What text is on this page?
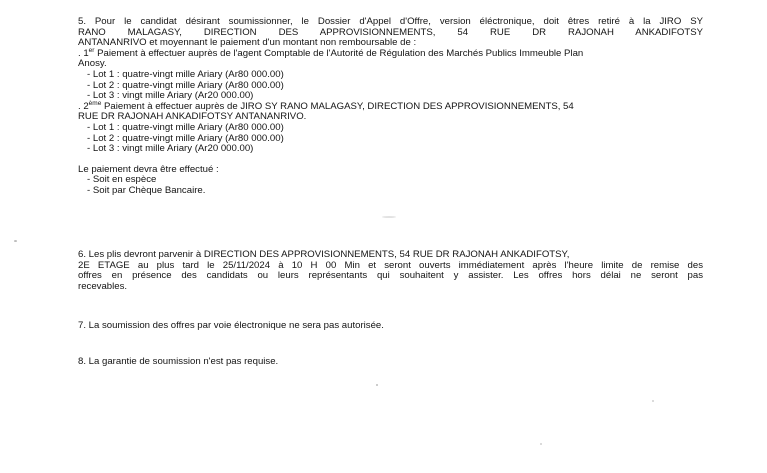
5. Pour le candidat désirant soumissionner, le Dossier d'Appel d'Offre, version éléctronique, doit êtres retiré à la JIRO SY
RANO MALAGASY, DIRECTION DES APPROVISIONNEMENTS, 54 RUE DR RAJONAH ANKADIFOTSY
ANTANANRIVO et moyennant le paiement d'un montant non remboursable de :
. 1er Paiement à effectuer auprès de l'agent Comptable de l'Autorité de Régulation des Marchés Publics Immeuble Plan
Anosy.
- Lot 1 : quatre-vingt mille Ariary (Ar80 000.00)
- Lot 2 : quatre-vingt mille Ariary (Ar80 000.00)
- Lot 3 : vingt mille Ariary (Ar20 000.00)
. 2ème Paiement à effectuer auprès de JIRO SY RANO MALAGASY, DIRECTION DES APPROVISIONNEMENTS, 54
RUE DR RAJONAH ANKADIFOTSY ANTANANRIVO.
- Lot 1 : quatre-vingt mille Ariary (Ar80 000.00)
- Lot 2 : quatre-vingt mille Ariary (Ar80 000.00)
- Lot 3 : vingt mille Ariary (Ar20 000.00)
Le paiement devra être effectué :
- Soit en espèce
- Soit par Chèque Bancaire.
6. Les plis devront parvenir à DIRECTION DES APPROVISIONNEMENTS, 54 RUE DR RAJONAH ANKADIFOTSY,
2E ETAGE au plus tard le 25/11/2024 à 10 H 00 Min et seront ouverts immédiatement après l'heure limite de remise des
offres en présence des candidats ou leurs représentants qui souhaitent y assister. Les offres hors délai ne seront pas
recevables.
7. La soumission des offres par voie électronique ne sera pas autorisée.
8. La garantie de soumission n'est pas requise.
